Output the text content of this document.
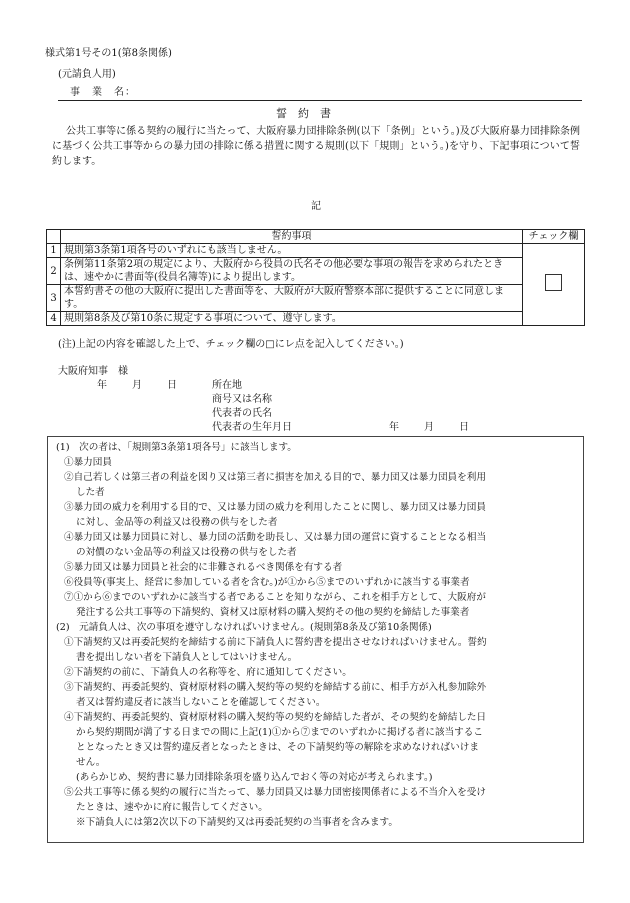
様式第1号その1(第8条関係)
(元請負人用)
事　業　名：
誓　約　書
公共工事等に係る契約の履行に当たって、大阪府暴力団排除条例(以下「条例」という。)及び大阪府暴力団排除条例に基づく公共工事等からの暴力団の排除に係る措置に関する規則(以下「規則」という。)を守り、下記事項について誓約します。
記
	誓約事項	チェック欄
1	規則第3条第1項各号のいずれにも該当しません。	
2	条例第11条第2項の規定により、大阪府から役員の氏名その他必要な事項の報告を求められたときは、速やかに書面等(役員名簿等)により提出します。	
3	本誓約書その他の大阪府に提出した書面等を、大阪府が大阪府警察本部に提供することに同意します。	
4	規則第8条及び第10条に規定する事項について、遵守します。	
(注)上記の内容を確認した上で、チェック欄の□にレ点を記入してください。)
大阪府知事　様
年	月	日	所在地
商号又は名称
代表者の氏名
代表者の生年月日	年	月	日
(1)　次の者は、「規則第3条第1項各号」に該当します。
①暴力団員
②自己若しくは第三者の利益を図り又は第三者に損害を加える目的で、暴力団又は暴力団員を利用
した者
③暴力団の威力を利用する目的で、又は暴力団の威力を利用したことに関し、暴力団又は暴力団員
に対し、金品等の利益又は役務の供与をした者
④暴力団又は暴力団員に対し、暴力団の活動を助長し、又は暴力団の運営に資することとなる相当
の対價のない金品等の利益又は役務の供与をした者
⑤暴力団又は暴力団員と社会的に非難されるべき関係を有する者
⑥役員等(事実上、経営に参加している者を含む。)が①から⑤までのいずれかに該当する事業者
⑦①から⑥までのいずれかに該当する者であることを知りながら、これを相手方として、大阪府が
発注する公共工事等の下請契約、資材又は原材料の購入契約その他の契約を締結した事業者
(2)　元請負人は、次の事項を遵守しなければいけません。(規則第8条及び第10条関係)
①下請契約又は再委託契約を締結する前に下請負人に誓約書を提出させなければいけません。誓約
書を提出しない者を下請負人としてはいけません。
②下請契約の前に、下請負人の名称等を、府に通知してください。
③下請契約、再委託契約、資材原材料の購入契約等の契約を締結する前に、相手方が入札参加除外
者又は誓約違反者に該当しないことを確認してください。
④下請契約、再委託契約、資材原材料の購入契約等の契約を締結した者が、その契約を締結した日
から契約期間が満了する日までの間に上記(1)①から⑦までのいずれかに掲げる者に該当するこ
ととなったとき又は誓約違反者となったときは、その下請契約等の解除を求めなければいけま
せん。
(あらかじめ、契約書に暴力団排除条項を盛り込んでおく等の対応が考えられます。)
⑤公共工事等に係る契約の履行に当たって、暴力団員又は暴力団密接関係者による不当介入を受け
たときは、速やかに府に報告してください。
※下請負人には第2次以下の下請契約又は再委託契約の当事者を含みます。
